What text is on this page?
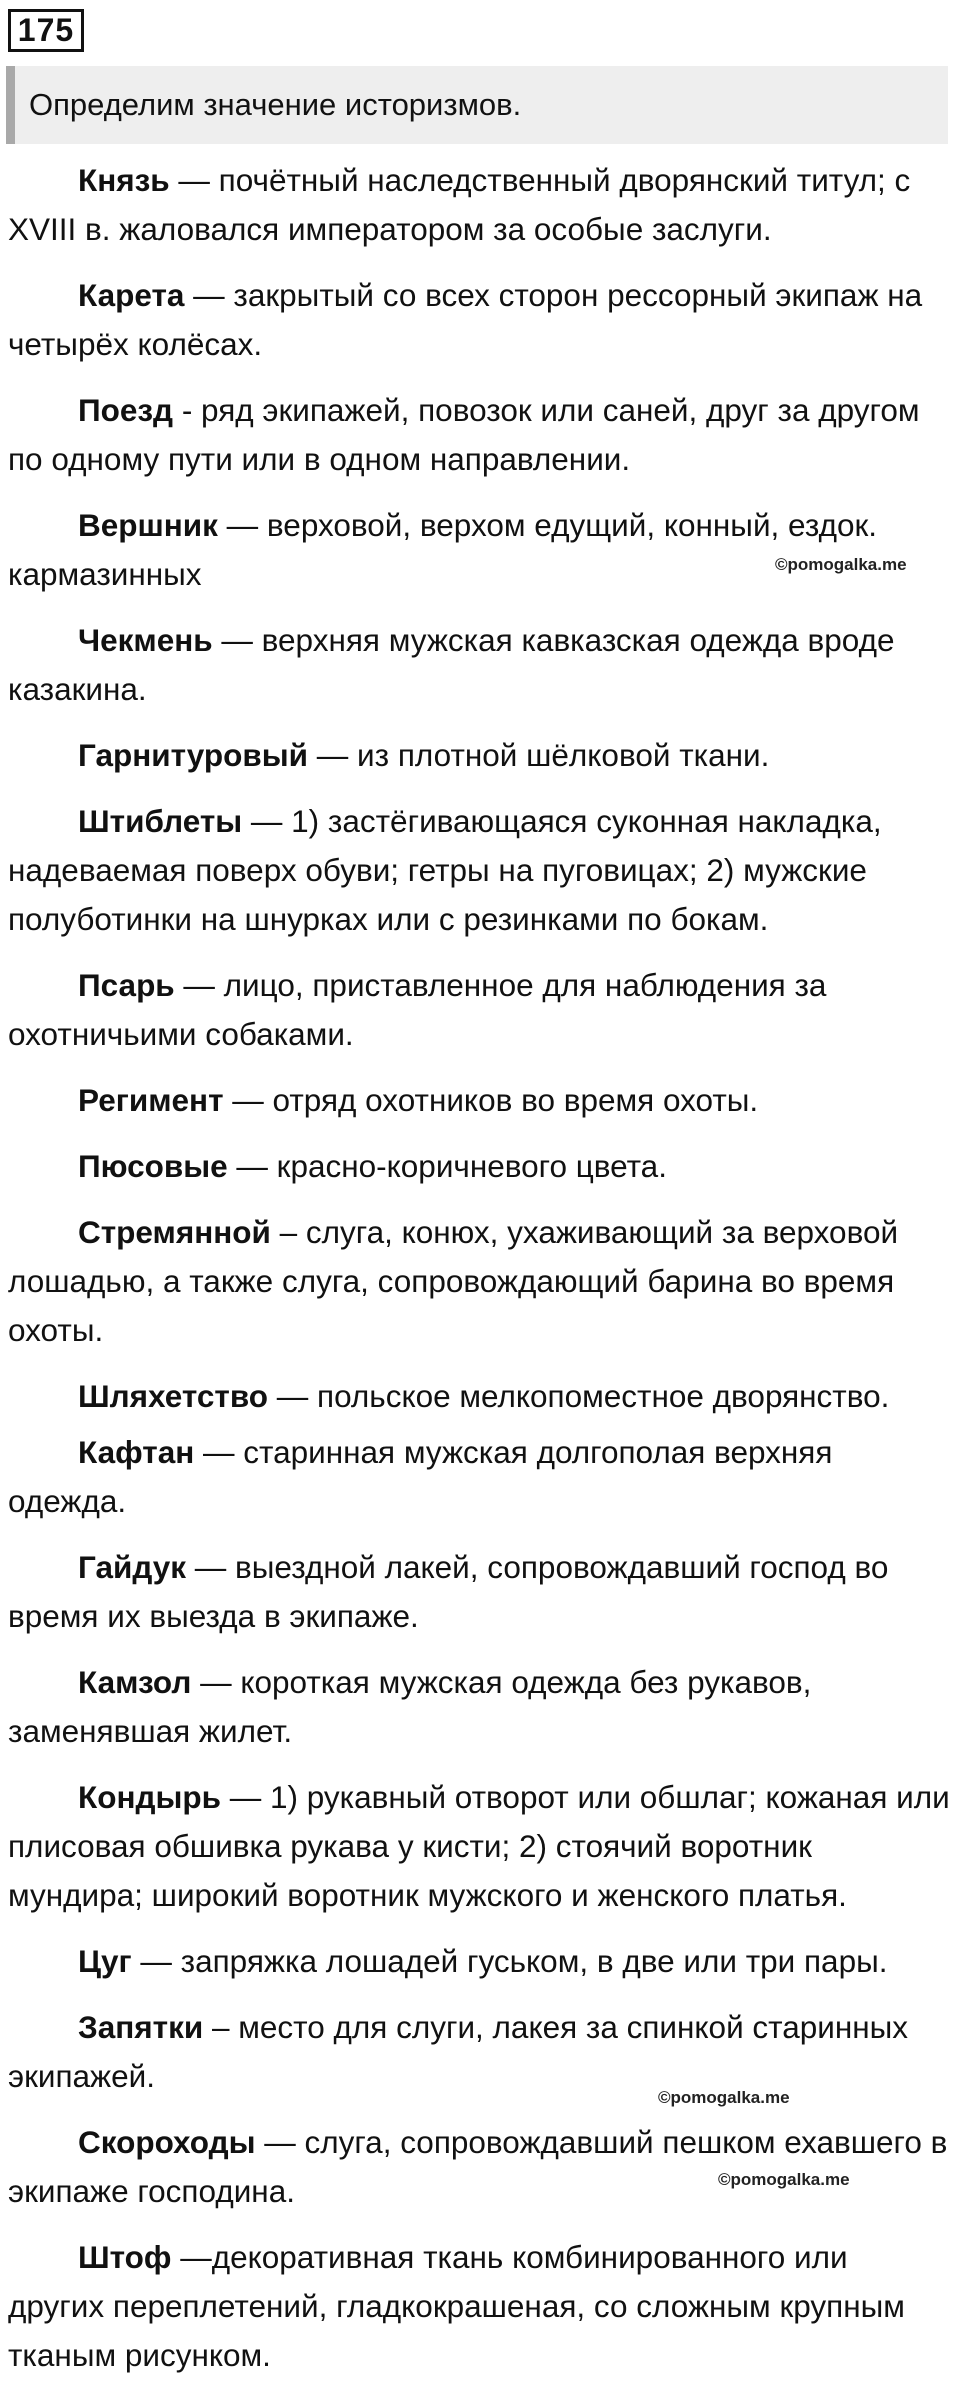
175
Определим значение историзмов.

Князь — почётный наследственный дворянский титул; с XVIII в. жаловался императором за особые заслуги.

Карета — закрытый со всех сторон рессорный экипаж на четырёх колёсах.

Поезд - ряд экипажей, повозок или саней, друг за другом по одному пути или в одном направлении.

Вершник — верховой, верхом едущий, конный, ездок. кармазинных

Чекмень — верхняя мужская кавказская одежда вроде казакина.

Гарнитуровый — из плотной шёлковой ткани.

Штиблеты — 1) застёгивающаяся суконная накладка, надеваемая поверх обуви; гетры на пуговицах; 2) мужские полуботинки на шнурках или с резинками по бокам.

Псарь — лицо, приставленное для наблюдения за охотничьими собаками.

Регимент — отряд охотников во время охоты.

Пюсовые — красно-коричневого цвета.

Стремянной – слуга, конюх, ухаживающий за верховой лошадью, а также слуга, сопровождающий барина во время охоты.

Шляхетство — польское мелкопоместное дворянство.

Кафтан — старинная мужская долгополая верхняя одежда.

Гайдук — выездной лакей, сопровождавший господ во время их выезда в экипаже.

Камзол — короткая мужская одежда без рукавов, заменявшая жилет.

Кондырь — 1) рукавный отворот или обшлаг; кожаная или плисовая обшивка рукава у кисти; 2) стоячий воротник мундира; широкий воротник мужского и женского платья.

Цуг — запряжка лошадей гуськом, в две или три пары.

Запятки – место для слуги, лакея за спинкой старинных экипажей.

Скороходы — слуга, сопровождавший пешком ехавшего в экипаже господина.

Штоф —декоративная ткань комбинированного или других переплетений, гладкокрашеная, со сложным крупным тканым рисунком.

©pomogalka.me
©pomogalka.me
©pomogalka.me
